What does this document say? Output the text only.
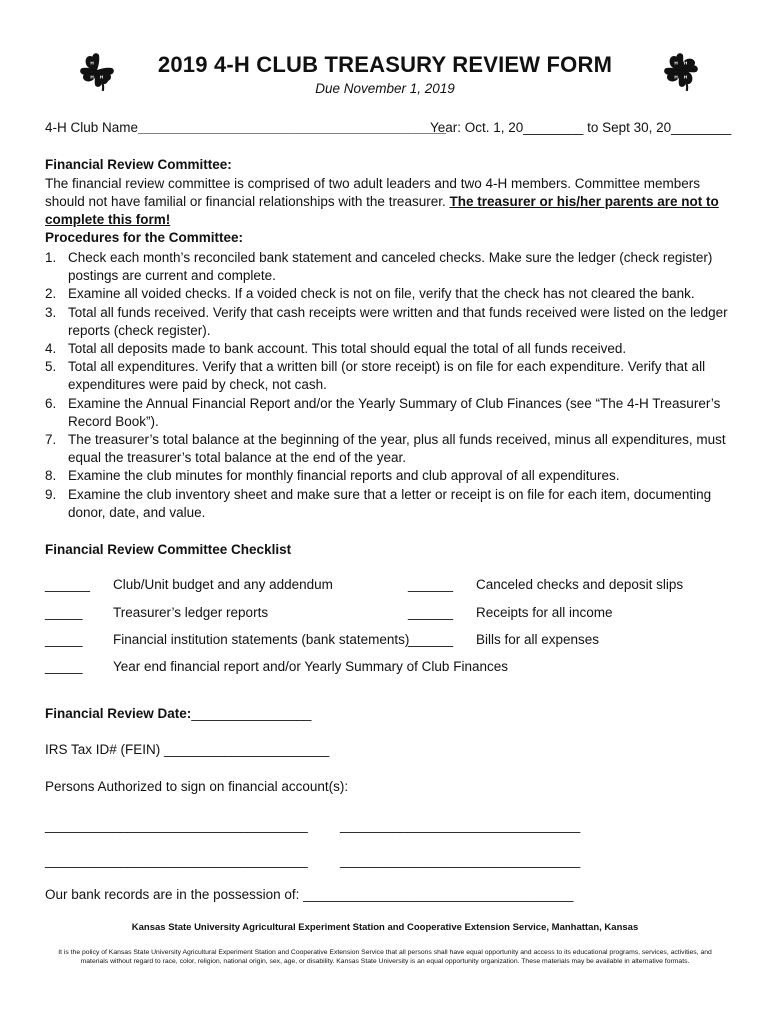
H H
H H
H H
H H
2019 4-H CLUB TREASURY REVIEW FORM
Due November 1, 2019
4-H Club Name_________________________________________
Year: Oct. 1, 20________ to Sept 30, 20________
Financial Review Committee:
The financial review committee is comprised of two adult leaders and two 4-H members. Committee members should not have familial or financial relationships with the treasurer. The treasurer or his/her parents are not to complete this form!
Procedures for the Committee:
1. Check each month’s reconciled bank statement and canceled checks. Make sure the ledger (check register) postings are current and complete.
2. Examine all voided checks. If a voided check is not on file, verify that the check has not cleared the bank.
3. Total all funds received. Verify that cash receipts were written and that funds received were listed on the ledger reports (check register).
4. Total all deposits made to bank account. This total should equal the total of all funds received.
5. Total all expenditures. Verify that a written bill (or store receipt) is on file for each expenditure. Verify that all expenditures were paid by check, not cash.
6. Examine the Annual Financial Report and/or the Yearly Summary of Club Finances (see “The 4-H Treasurer’s Record Book”).
7. The treasurer’s total balance at the beginning of the year, plus all funds received, minus all expenditures, must equal the treasurer’s total balance at the end of the year.
8. Examine the club minutes for monthly financial reports and club approval of all expenditures.
9. Examine the club inventory sheet and make sure that a letter or receipt is on file for each item, documenting donor, date, and value.
Financial Review Committee Checklist
______ Club/Unit budget and any addendum	______ Canceled checks and deposit slips
_____ Treasurer’s ledger reports	______ Receipts for all income
_____ Financial institution statements (bank statements)
______ Bills for all expenses
_____ Year end financial report and/or Yearly Summary of Club Finances
Financial Review Date:________________
IRS Tax ID# (FEIN) ______________________
Persons Authorized to sign on financial account(s):
___________________________________ ________________________________
___________________________________ ________________________________
Our bank records are in the possession of: ____________________________________
Kansas State University Agricultural Experiment Station and Cooperative Extension Service, Manhattan, Kansas
It is the policy of Kansas State University Agricultural Experiment Station and Cooperative Extension Service that all persons shall have equal opportunity and access to its educational programs, services, activities, and materials without regard to race, color, religion, national origin, sex, age, or disability. Kansas State University is an equal opportunity organization. These materials may be available in alternative formats.
